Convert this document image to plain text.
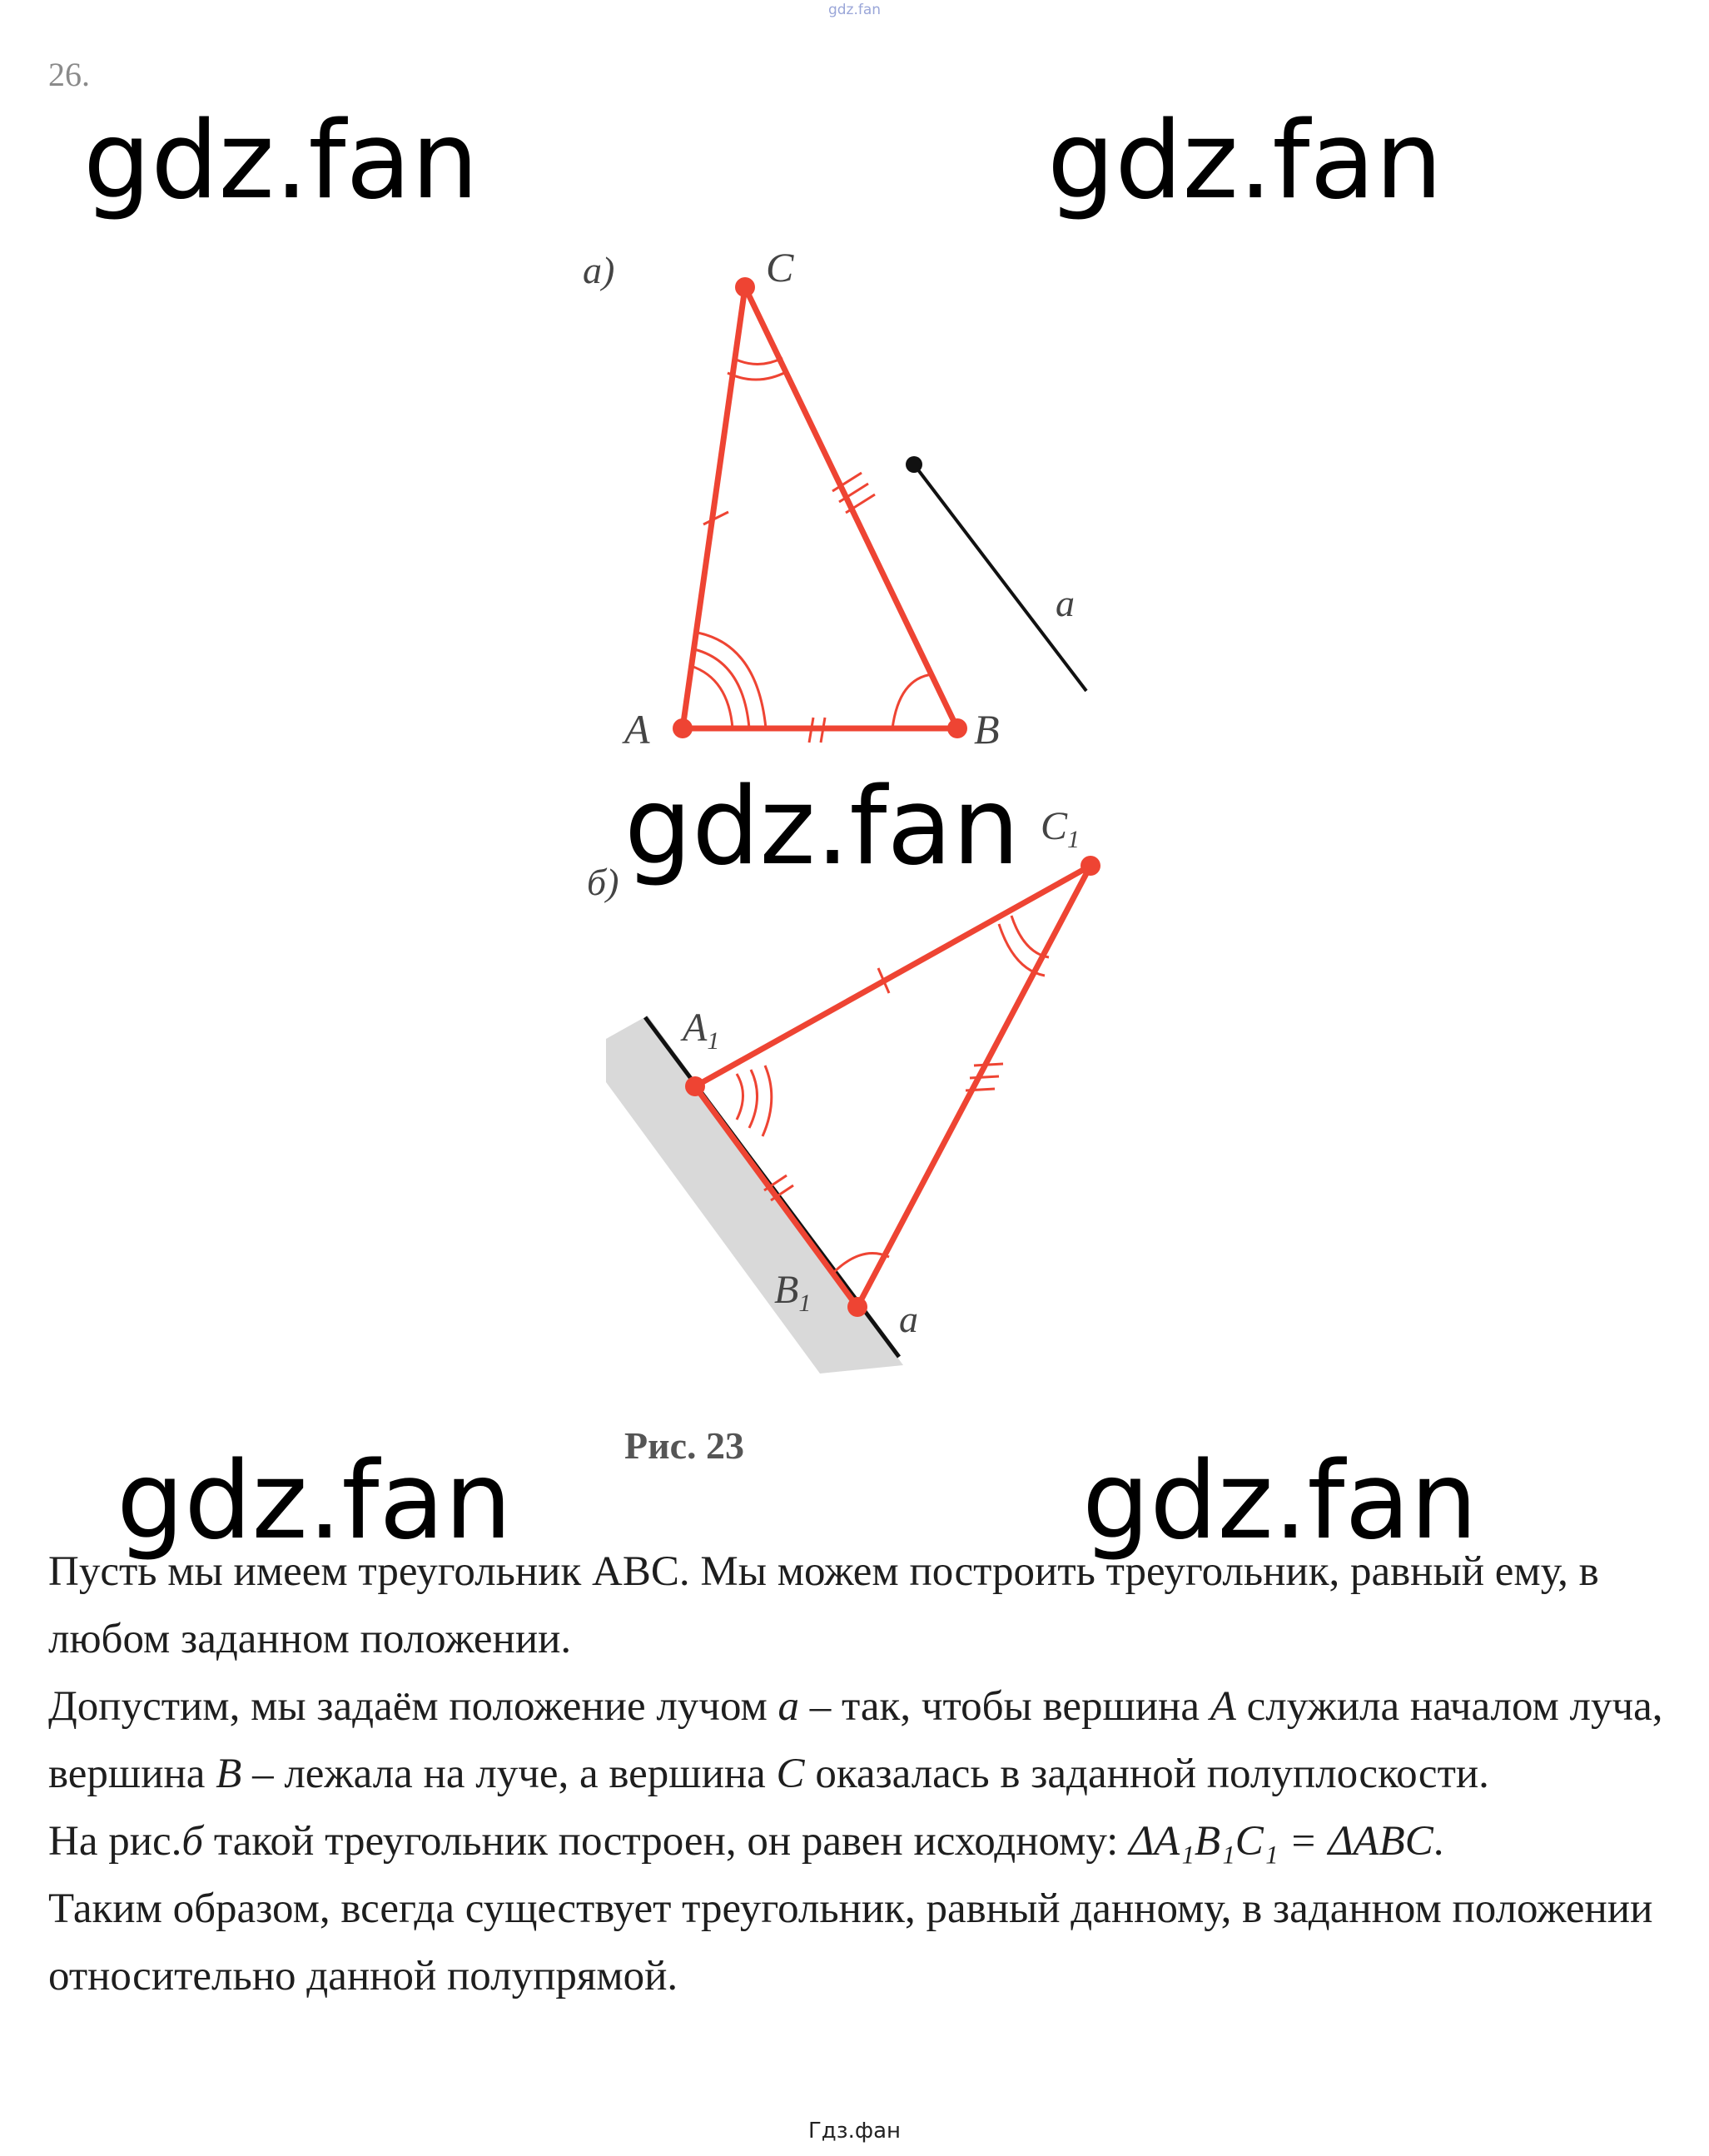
gdz.fan
26.
а)	C
A	B
a
б)
$A_1$
$B_1$
$C_1$
a
Рис. 23
gdz.fan	gdz.fan
gdz.fan
gdz.fan	gdz.fan
Пусть мы имеем треугольник ABC. Мы можем построить треугольник, равный ему, в любом заданном положении.
Допустим, мы задаём положение лучом a – так, чтобы вершина A служила началом луча, вершина B – лежала на луче, а вершина C оказалась в заданной полуплоскости.
На рис.б такой треугольник построен, он равен исходному: ΔA₁B₁C₁ = ΔABC.
Таким образом, всегда существует треугольник, равный данному, в заданном положении относительно данной полупрямой.
Гдз.фан
